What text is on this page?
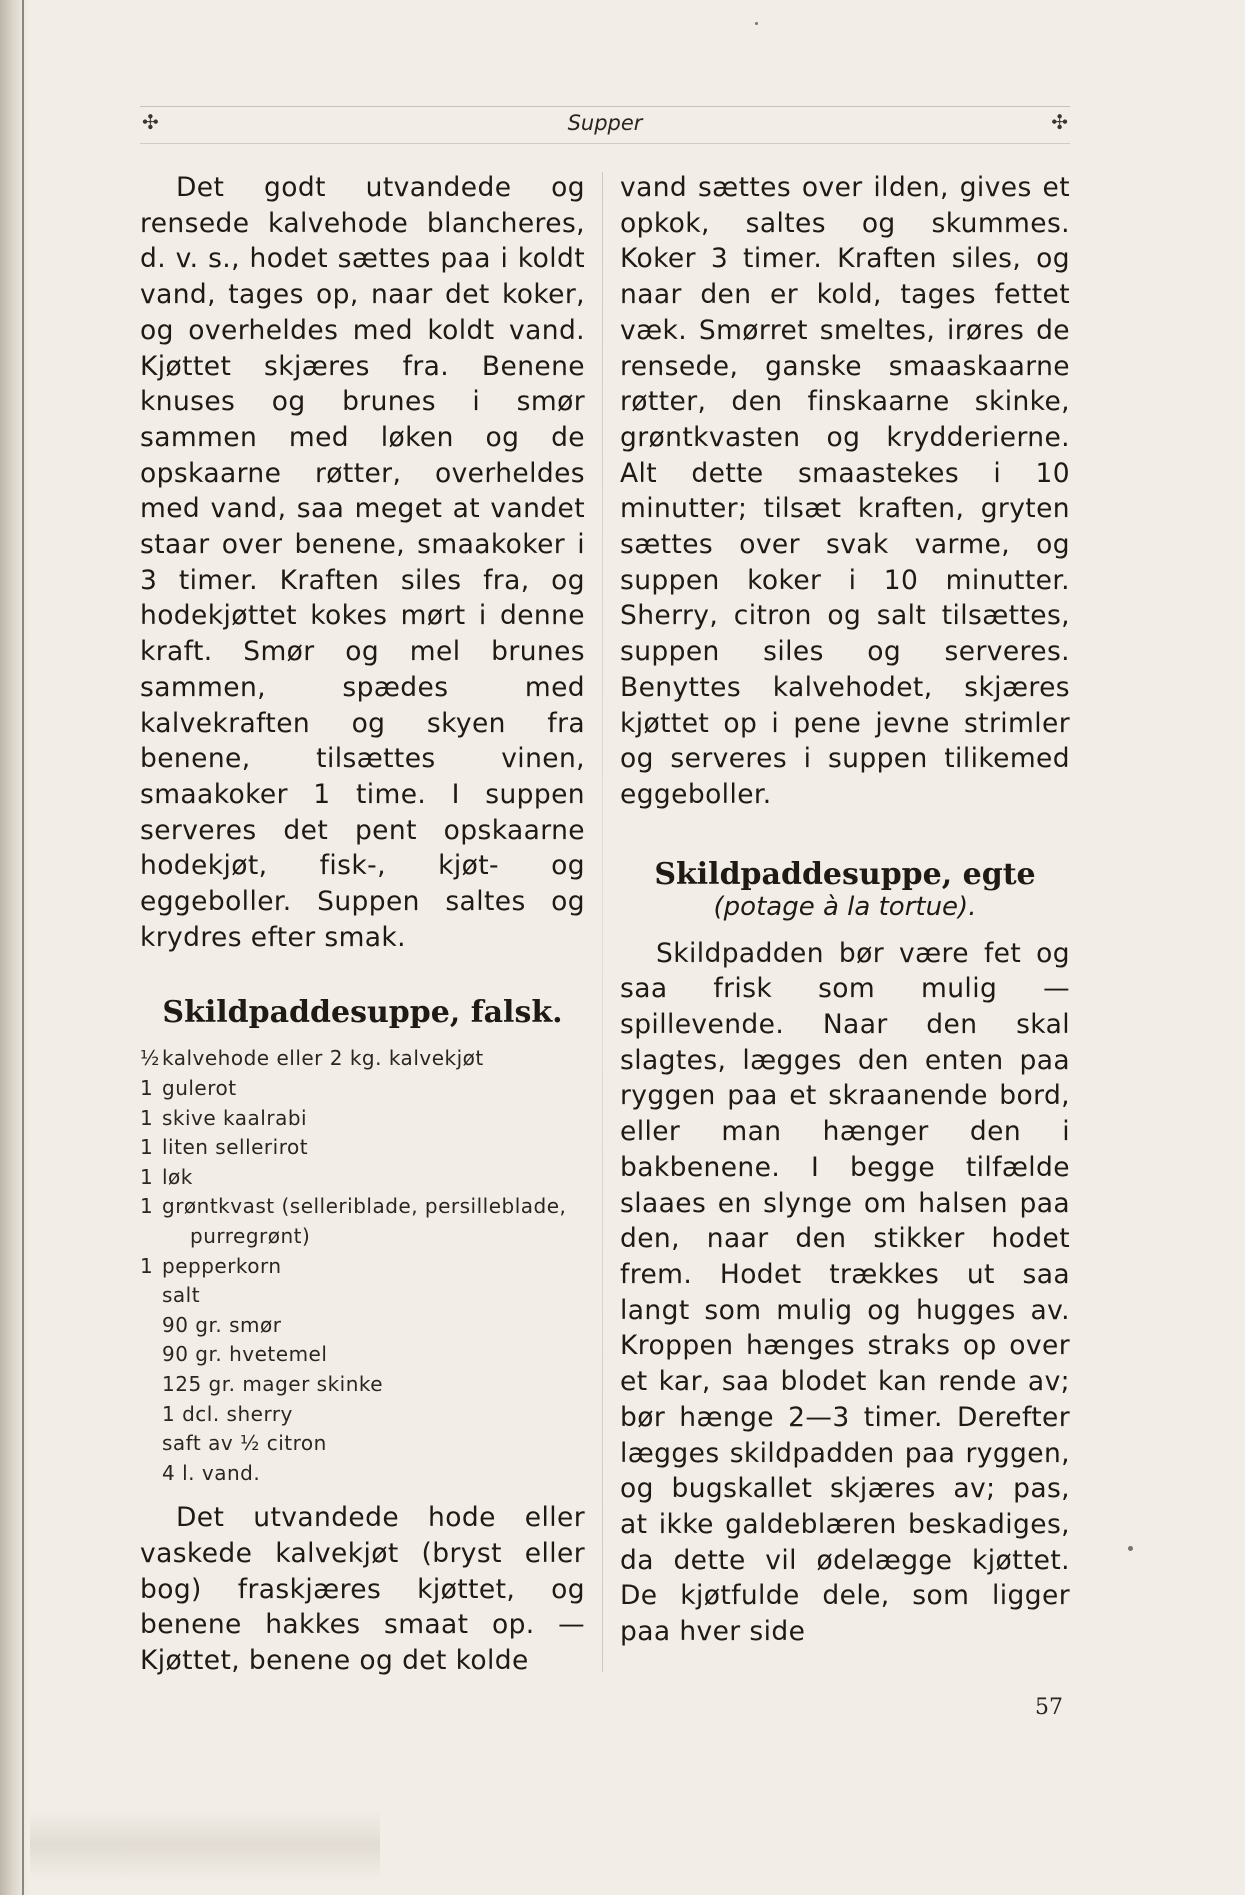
✣	Supper	✣

Det godt utvandede og rensede kalvehode blancheres, d. v. s., hodet sættes paa i koldt vand, tages op, naar det koker, og overheldes med koldt vand. Kjøttet skjæres fra. Benene knuses og brunes i smør sammen med løken og de opskaarne røtter, overheldes med vand, saa meget at vandet staar over benene, smaakoker i 3 timer. Kraften siles fra, og hodekjøttet kokes mørt i denne kraft. Smør og mel brunes sammen, spædes med kalvekraften og skyen fra benene, tilsættes vinen, smaakoker 1 time. I suppen serveres det pent opskaarne hodekjøt, fisk-, kjøt- og eggeboller. Suppen saltes og krydres efter smak.

Skildpaddesuppe, falsk.
½ kalvehode eller 2 kg. kalvekjøt
1 gulerot
1 skive kaalrabi
1 liten sellerirot
1 løk
1 grøntkvast (selleriblade, persilleblade, purregrønt)
1 pepperkorn
salt
90 gr. smør
90 gr. hvetemel
125 gr. mager skinke
1 dcl. sherry
saft av ½ citron
4 l. vand.

Det utvandede hode eller vaskede kalvekjøt (bryst eller bog) fraskjæres kjøttet, og benene hakkes smaat op. — Kjøttet, benene og det kolde

vand sættes over ilden, gives et opkok, saltes og skummes. Koker 3 timer. Kraften siles, og naar den er kold, tages fettet væk. Smørret smeltes, irøres de rensede, ganske smaaskaarne røtter, den finskaarne skinke, grøntkvasten og krydderierne. Alt dette smaastekes i 10 minutter; tilsæt kraften, gryten sættes over svak varme, og suppen koker i 10 minutter. Sherry, citron og salt tilsættes, suppen siles og serveres. Benyttes kalvehodet, skjæres kjøttet op i pene jevne strimler og serveres i suppen tilikemed eggeboller.

Skildpaddesuppe, egte

(potage à la tortue).

Skildpadden bør være fet og saa frisk som mulig — spillevende. Naar den skal slagtes, lægges den enten paa ryggen paa et skraanende bord, eller man hænger den i bakbenene. I begge tilfælde slaaes en slynge om halsen paa den, naar den stikker hodet frem. Hodet trækkes ut saa langt som mulig og hugges av. Kroppen hænges straks op over et kar, saa blodet kan rende av; bør hænge 2—3 timer. Derefter lægges skildpadden paa ryggen, og bugskallet skjæres av; pas, at ikke galdeblæren beskadiges, da dette vil ødelægge kjøttet. De kjøtfulde dele, som ligger paa hver side

57
